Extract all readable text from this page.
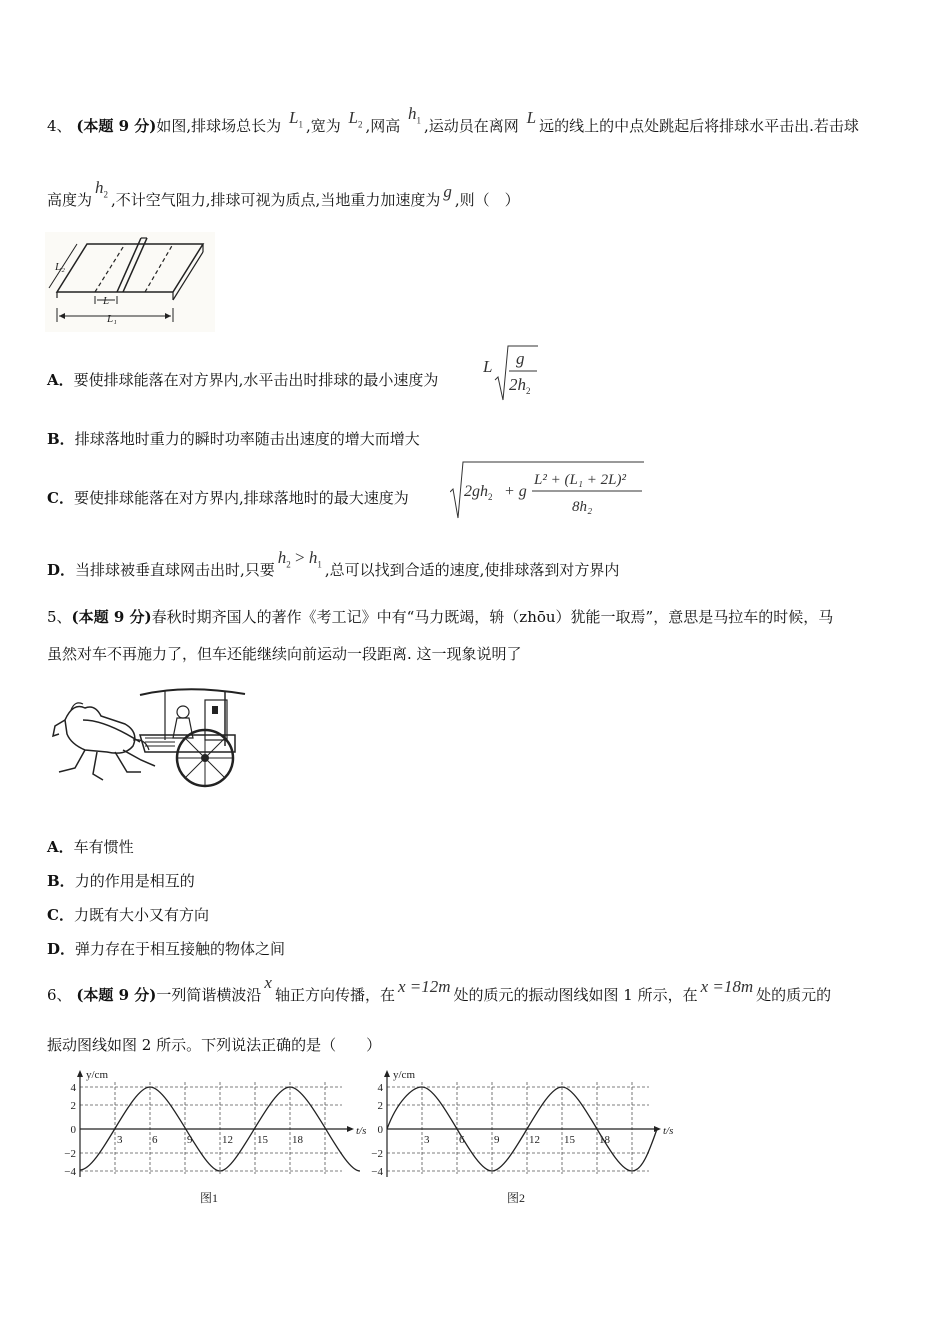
4、 (本题 9 分)如图,排球场总长为 $L_1$ ,宽为 $L_2$ ,网高 $h_1$ ,运动员在离网 L 远的线上的中点处跳起后将排球水平击出.若击球
高度为$h_2$ ,不计空气阻力,排球可视为质点,当地重力加速度为 g ,则（　）
L₂
L
L₁
A．要使排球能落在对方界内,水平击出时排球的最小速度为
L g
$2h_2$
B．排球落地时重力的瞬时功率随击出速度的增大而增大
C．要使排球能落在对方界内,排球落地时的最大速度为	$2gh_2 + g$
L² + (L₁ + 2L)²
8h₂
D．当排球被垂直球网击出时,只要$h_2 > h_1$ ,总可以找到合适的速度,使排球落到对方界内
5、(本题 9 分)春秋时期齐国人的著作《考工记》中有“马力既竭，辀（zhōu）犹能一取焉”，意思是马拉车的时候，马
虽然对车不再施力了，但车还能继续向前运动一段距离. 这一现象说明了
A．车有惯性
B．力的作用是相互的
C．力既有大小又有方向
D．弹力存在于相互接触的物体之间
6、 (本题 9 分)一列简谐横波沿x轴正方向传播，在 x =12m 处的质元的振动图线如图 1 所示，在 x =18m 处的质元的
振动图线如图 2 所示。下列说法正确的是（　　）
y/cm
t/s
4
2
0
−2
−4
3	6	9	12 15 18
图1
y/cm
t/s
4
2
0
−2
−4
3	6	9	12 15 18
图2
